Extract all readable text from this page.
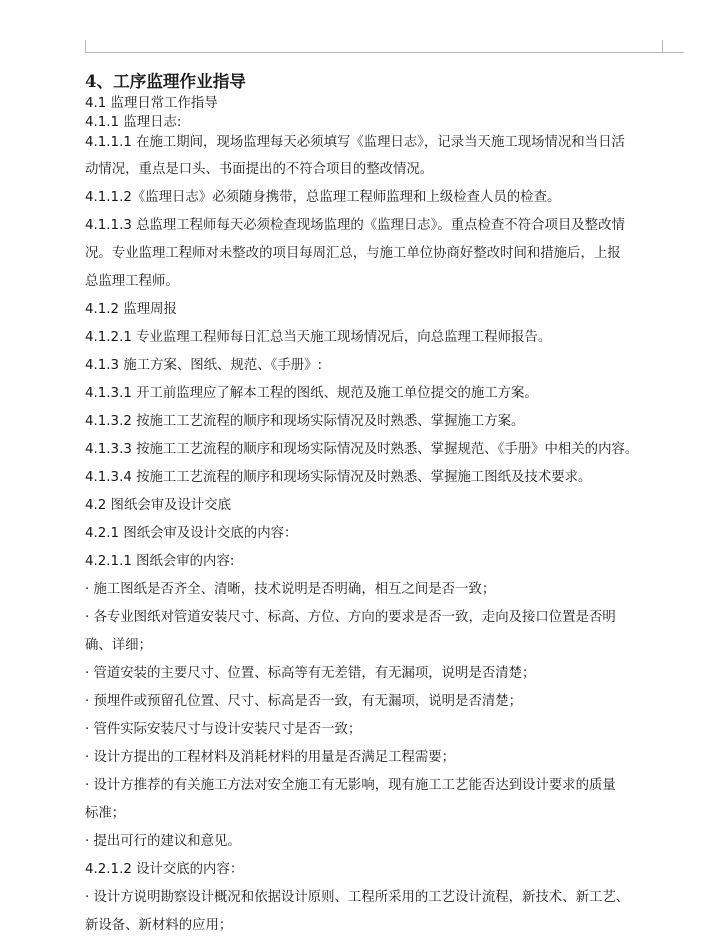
4、工序监理作业指导
4.1 监理日常工作指导
4.1.1 监理日志:
4.1.1.1 在施工期间，现场监理每天必须填写《监理日志》，记录当天施工现场情况和当日活
动情况，重点是口头、书面提出的不符合项目的整改情况。
4.1.1.2《监理日志》必须随身携带，总监理工程师监理和上级检查人员的检查。
4.1.1.3 总监理工程师每天必须检查现场监理的《监理日志》。重点检查不符合项目及整改情
况。专业监理工程师对未整改的项目每周汇总，与施工单位协商好整改时间和措施后，上报
总监理工程师。
4.1.2 监理周报
4.1.2.1 专业监理工程师每日汇总当天施工现场情况后，向总监理工程师报告。
4.1.3 施工方案、图纸、规范、《手册》:
4.1.3.1 开工前监理应了解本工程的图纸、规范及施工单位提交的施工方案。
4.1.3.2 按施工工艺流程的顺序和现场实际情况及时熟悉、掌握施工方案。
4.1.3.3 按施工工艺流程的顺序和现场实际情况及时熟悉、掌握规范、《手册》中相关的内容。
4.1.3.4 按施工工艺流程的顺序和现场实际情况及时熟悉、掌握施工图纸及技术要求。
4.2 图纸会审及设计交底
4.2.1 图纸会审及设计交底的内容：
4.2.1.1 图纸会审的内容:
· 施工图纸是否齐全、清晰，技术说明是否明确，相互之间是否一致；
· 各专业图纸对管道安装尺寸、标高、方位、方向的要求是否一致，走向及接口位置是否明
确、详细；
· 管道安装的主要尺寸、位置、标高等有无差错，有无漏项，说明是否清楚；
· 预埋件或预留孔位置、尺寸、标高是否一致，有无漏项，说明是否清楚；
· 管件实际安装尺寸与设计安装尺寸是否一致；
· 设计方提出的工程材料及消耗材料的用量是否满足工程需要；
· 设计方推荐的有关施工方法对安全施工有无影响，现有施工工艺能否达到设计要求的质量
标准；
· 提出可行的建议和意见。
4.2.1.2 设计交底的内容：
· 设计方说明勘察设计概况和依据设计原则、工程所采用的工艺设计流程，新技术、新工艺、
新设备、新材料的应用；
